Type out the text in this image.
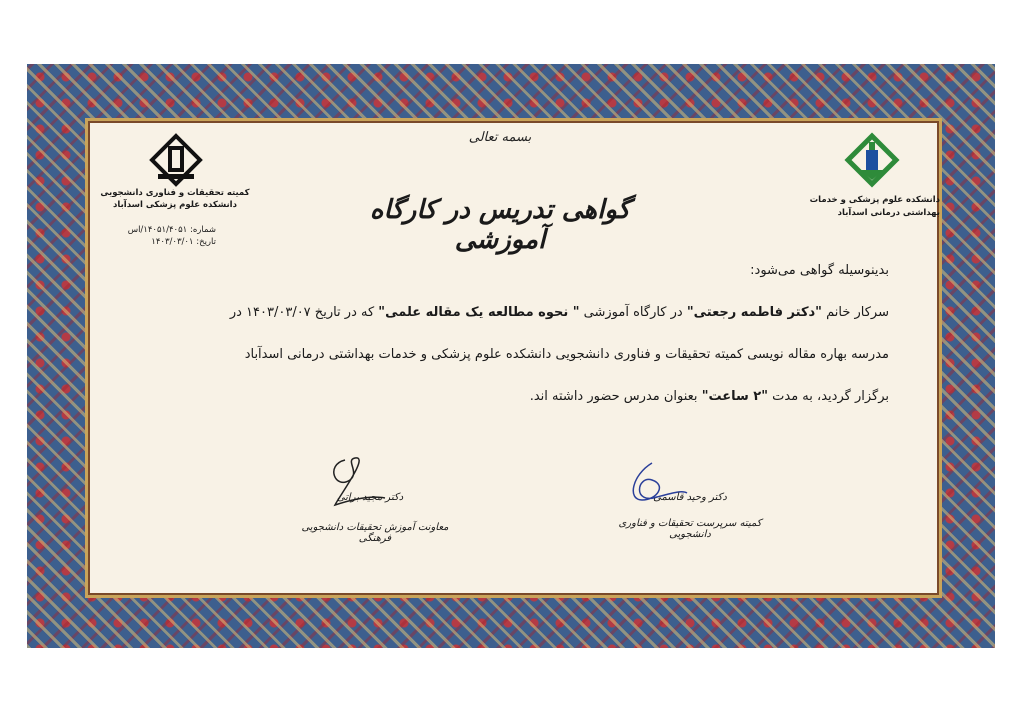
بسمه تعالی
گواهی تدریس در کارگاه آموزشی
دانشکده علوم پزشکی و خدمات
بهداشتی درمانی اسدآباد
کمیته تحقیقات و فناوری دانشجویی
دانشکده علوم پزشکی اسدآباد
شماره: ۱۴۰۵۱/۴۰۵۱/اس
تاریخ: ۱۴۰۳/۰۳/۰۱
بدینوسیله گواهی می‌شود:
سرکار خانم "دکتر فاطمه رجعتی" در کارگاه آموزشی " نحوه مطالعه یک مقاله علمی" که در تاریخ ۱۴۰۳/۰۳/۰۷ در
مدرسه بهاره مقاله نویسی کمیته تحقیقات و فناوری دانشجویی دانشکده علوم پزشکی و خدمات بهداشتی درمانی اسدآباد
برگزار گردید، به مدت "۲ ساعت" بعنوان مدرس حضور داشته اند.
دکتر مجید براتی
معاونت آموزش تحقیقات دانشجویی فرهنگی
دکتر وحید قاسمی
کمیته سرپرست تحقیقات و فناوری دانشجویی
